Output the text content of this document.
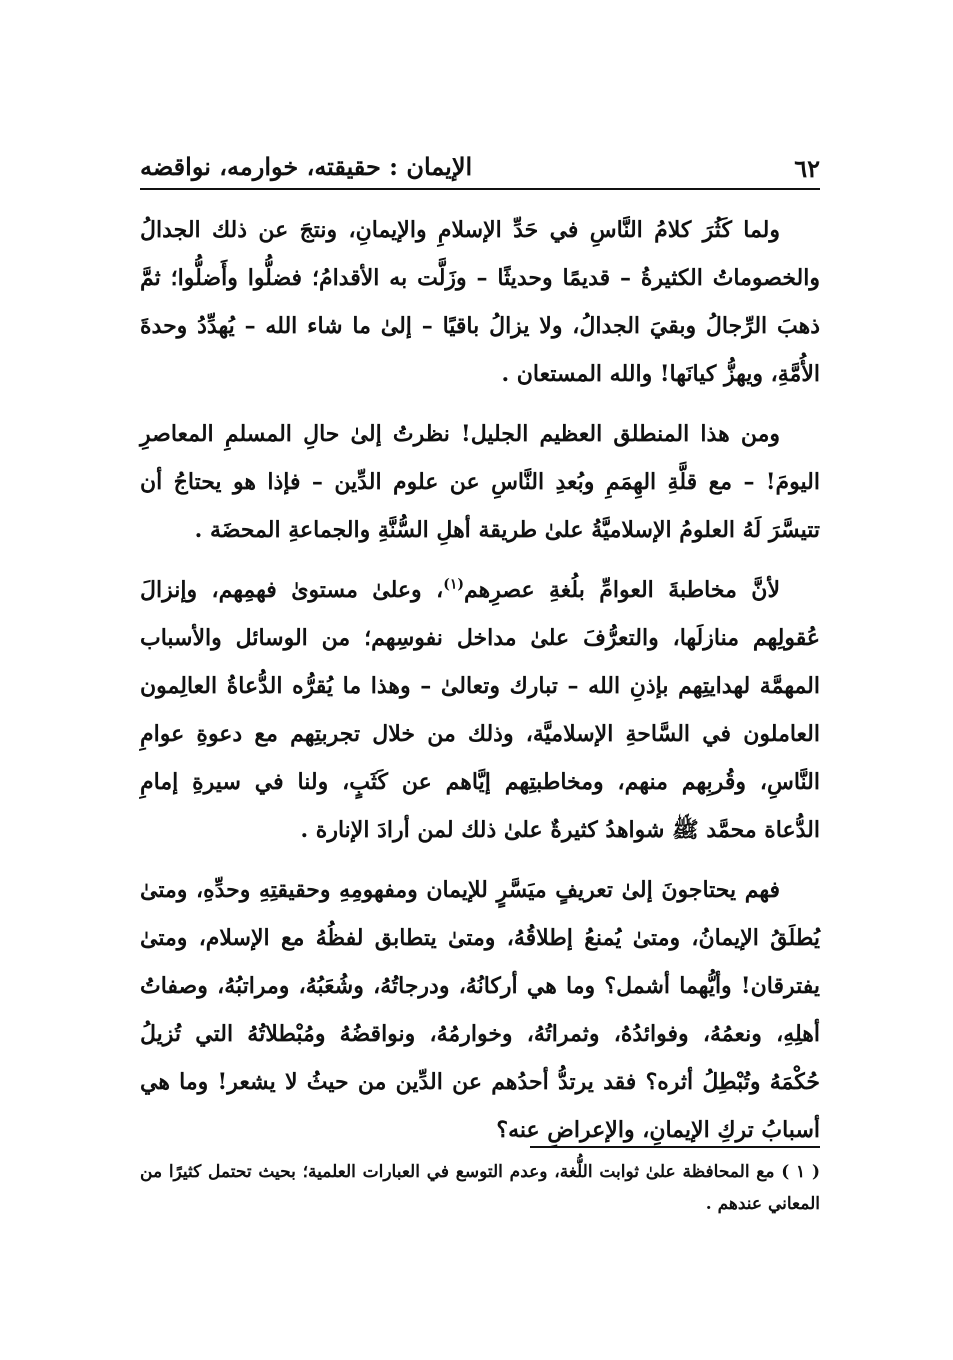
٦٢
الإيمان : حقيقته، خوارمه، نواقضه

ولما كَثُرَ كلامُ النَّاسِ في حَدِّ الإسلامِ والإيمانِ، ونتجَ عن ذلك الجدالُ والخصوماتُ الكثيرةُ – قديمًا وحديثًا – وزَلَّت به الأقدامُ؛ فضلُّوا وأَضلُّوا؛ ثمَّ ذهبَ الرِّجالُ وبقيَ الجدالُ، ولا يزالُ باقيًا – إلىٰ ما شاء الله – يُهدِّدُ وحدةَ الأُمَّةِ، ويهزُّ كيانَها! والله المستعان .

ومن هذا المنطلق العظيم الجليل! نظرتُ إلىٰ حالِ المسلمِ المعاصرِ اليومَ! – مع قلَّةِ الهِمَمِ وبُعدِ النَّاسِ عن علوم الدِّين – فإذا هو يحتاجُ أن تتيسَّرَ لَهُ العلومُ الإسلاميَّةُ علىٰ طريقة أهلِ السُّنَّةِ والجماعةِ المحضَة .

لأنَّ مخاطبةَ العوامِّ بلُغةِ عصرِهم$^{(١)}$، وعلىٰ مستوىٰ فهمِهم، وإنزالَ عُقولِهم منازلَها، والتعرُّفَ علىٰ مداخل نفوسِهم؛ من الوسائل والأسباب المهمَّة لهدايتِهم بإذنِ الله – تبارك وتعالىٰ – وهذا ما يُقرُّه الدُّعاةُ العالِمون العاملون في السَّاحةِ الإسلاميَّة، وذلك من خلال تجربتِهم مع دعوةِ عوامِ النَّاسِ، وقُربِهم منهم، ومخاطبتِهم إيَّاهم عن كَثَبٍ، ولنا في سيرةِ إمامِ الدُّعاة محمَّد ﷺ شواهدُ كثيرةٌ علىٰ ذلك لمن أرادَ الإنارة .

فهم يحتاجونَ إلىٰ تعريفٍ ميَسَّرٍ للإيمان ومفهومِهِ وحقيقتِهِ وحدِّهِ، ومتىٰ يُطلَقُ الإيمانُ، ومتىٰ يُمنعُ إطلاقُهُ، ومتىٰ يتطابق لفظُهُ مع الإسلام، ومتىٰ يفترقان! وأيُّهما أشمل؟ وما هي أركانُهُ، ودرجاتُهُ، وشُعَبُهُ، ومراتبُهُ، وصفاتُ أهلِهِ، ونعمُهُ، وفوائدُهُ، وثمراتُهُ، وخوارمُهُ، ونواقضُهُ ومُبْطلاتُهُ التي تُزيلُ حُكْمَهُ وتُبْطِلُ أثره؟ فقد يرتدُّ أحدُهم عن الدِّين من حيثُ لا يشعر! وما هي أسبابُ تركِ الإيمانِ، والإعراضِ عنه؟

( ١ ) مع المحافظة علىٰ ثوابت اللُّغة، وعدم التوسع في العبارات العلمية؛ بحيث تحتمل كثيرًا من المعاني عندهم .
